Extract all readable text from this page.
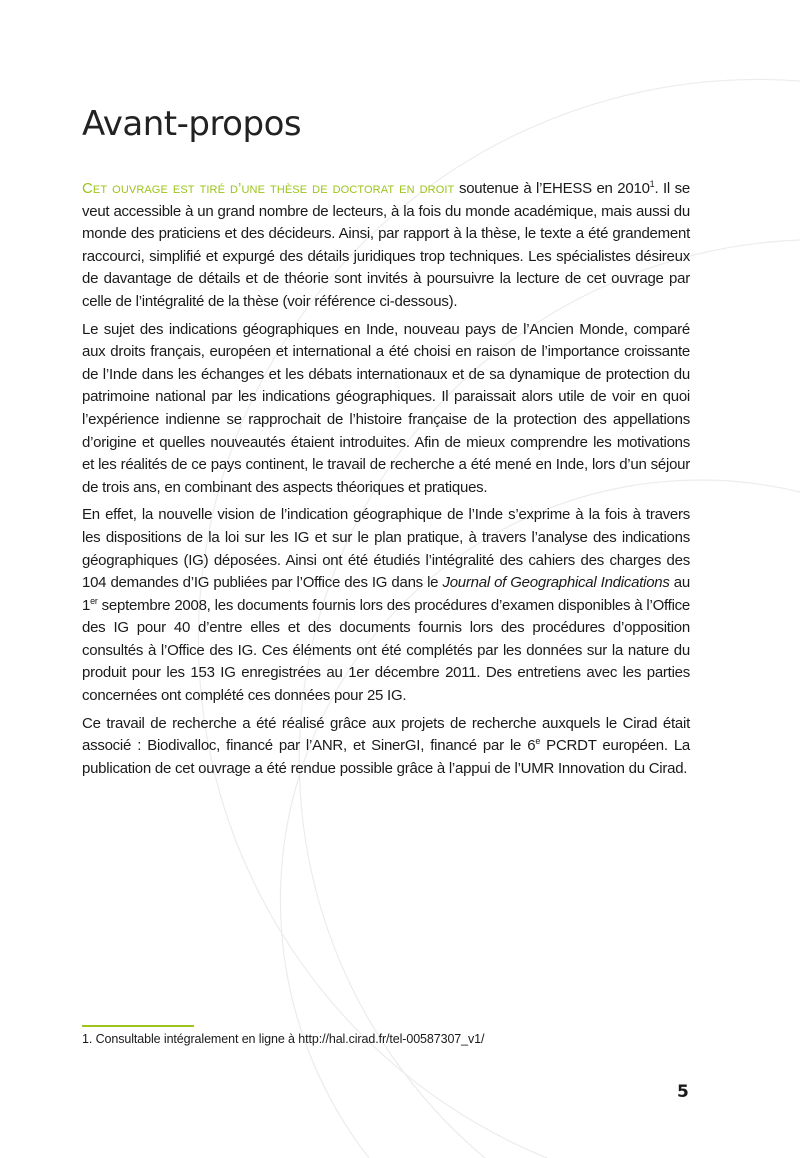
Avant-propos

Cet ouvrage est tiré d’une thèse de doctorat en droit soutenue à l’EHESS en 2010$^1$. Il se veut accessible à un grand nombre de lecteurs, à la fois du monde académique, mais aussi du monde des praticiens et des décideurs. Ainsi, par rapport à la thèse, le texte a été grandement raccourci, simplifié et expurgé des détails juridiques trop techniques. Les spécialistes désireux de davantage de détails et de théorie sont invités à poursuivre la lecture de cet ouvrage par celle de l’intégralité de la thèse (voir référence ci-dessous).

Le sujet des indications géographiques en Inde, nouveau pays de l’Ancien Monde, comparé aux droits français, européen et international a été choisi en raison de l’importance croissante de l’Inde dans les échanges et les débats internationaux et de sa dynamique de protection du patrimoine national par les indications géographiques. Il paraissait alors utile de voir en quoi l’expérience indienne se rapprochait de l’histoire française de la protection des appellations d’origine et quelles nouveautés étaient introduites. Afin de mieux comprendre les motivations et les réalités de ce pays continent, le travail de recherche a été mené en Inde, lors d’un séjour de trois ans, en combinant des aspects théoriques et pratiques.

En effet, la nouvelle vision de l’indication géographique de l’Inde s’exprime à la fois à travers les dispositions de la loi sur les IG et sur le plan pratique, à travers l’analyse des indications géographiques (IG) déposées. Ainsi ont été étudiés l’intégralité des cahiers des charges des 104 demandes d’IG publiées par l’Office des IG dans le Journal of Geographical Indications au 1er septembre 2008, les documents fournis lors des procédures d’examen disponibles à l’Office des IG pour 40 d’entre elles et des documents fournis lors des procédures d’opposition consultés à l’Office des IG. Ces éléments ont été complétés par les données sur la nature du produit pour les 153 IG enregistrées au 1er décembre 2011. Des entretiens avec les parties concernées ont complété ces données pour 25 IG.

Ce travail de recherche a été réalisé grâce aux projets de recherche auxquels le Cirad était associé : Biodivalloc, financé par l’ANR, et SinerGI, financé par le 6e PCRDT européen. La publication de cet ouvrage a été rendue possible grâce à l’appui de l’UMR Innovation du Cirad.

1. Consultable intégralement en ligne à http://hal.cirad.fr/tel-00587307_v1/
5
